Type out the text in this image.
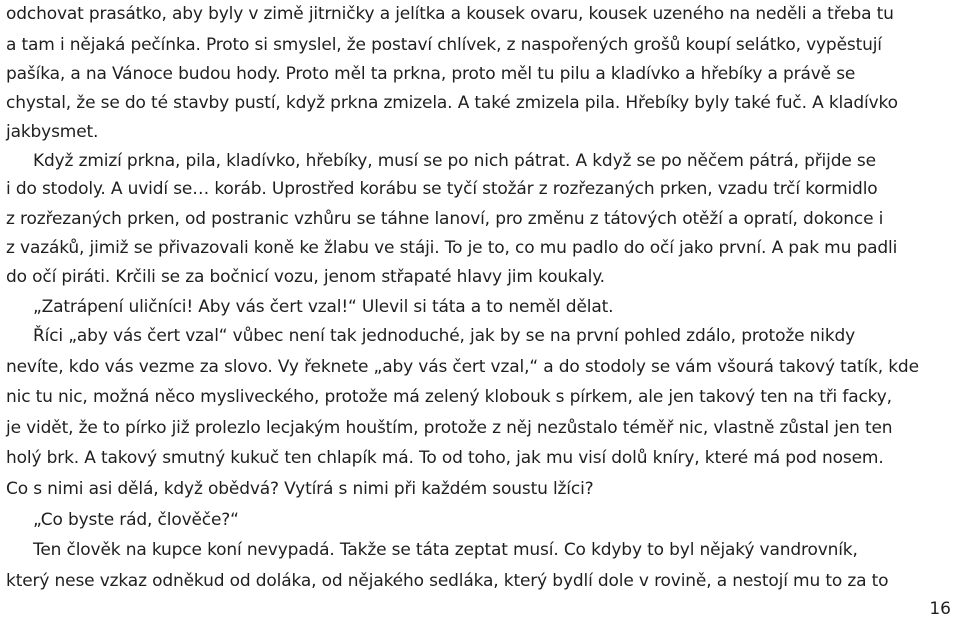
odchovat prasátko, aby byly v zimě jitrničky a jelítka a kousek ovaru, kousek uzeného na neděli a třeba tu
a tam i nějaká pečínka. Proto si smyslel, že postaví chlívek, z naspořených grošů koupí selátko, vypěstují
pašíka, a na Vánoce budou hody. Proto měl ta prkna, proto měl tu pilu a kladívko a hřebíky a právě se
chystal, že se do té stavby pustí, když prkna zmizela. A také zmizela pila. Hřebíky byly také fuč. A kladívko
jakbysmet.
Když zmizí prkna, pila, kladívko, hřebíky, musí se po nich pátrat. A když se po něčem pátrá, přijde se
i do stodoly. A uvidí se… koráb. Uprostřed korábu se tyčí stožár z rozřezaných prken, vzadu trčí kormidlo
z rozřezaných prken, od postranic vzhůru se táhne lanoví, pro změnu z tátových otěží a opratí, dokonce i
z vazáků, jimiž se přivazovali koně ke žlabu ve stáji. To je to, co mu padlo do očí jako první. A pak mu padli
do očí piráti. Krčili se za bočnicí vozu, jenom střapaté hlavy jim koukaly.
„Zatrápení uličníci! Aby vás čert vzal!“ Ulevil si táta a to neměl dělat.
Říci „aby vás čert vzal“ vůbec není tak jednoduché, jak by se na první pohled zdálo, protože nikdy
nevíte, kdo vás vezme za slovo. Vy řeknete „aby vás čert vzal,“ a do stodoly se vám všourá takový tatík, kde
nic tu nic, možná něco mysliveckého, protože má zelený klobouk s pírkem, ale jen takový ten na tři facky,
je vidět, že to pírko již prolezlo lecjakým houštím, protože z něj nezůstalo téměř nic, vlastně zůstal jen ten
holý brk. A takový smutný kukuč ten chlapík má. To od toho, jak mu visí dolů kníry, které má pod nosem.
Co s nimi asi dělá, když obědvá? Vytírá s nimi při každém soustu lžíci?
„Co byste rád, člověče?“
Ten člověk na kupce koní nevypadá. Takže se táta zeptat musí. Co kdyby to byl nějaký vandrovník,
který nese vzkaz odněkud od doláka, od nějakého sedláka, který bydlí dole v rovině, a nestojí mu to za to
16
